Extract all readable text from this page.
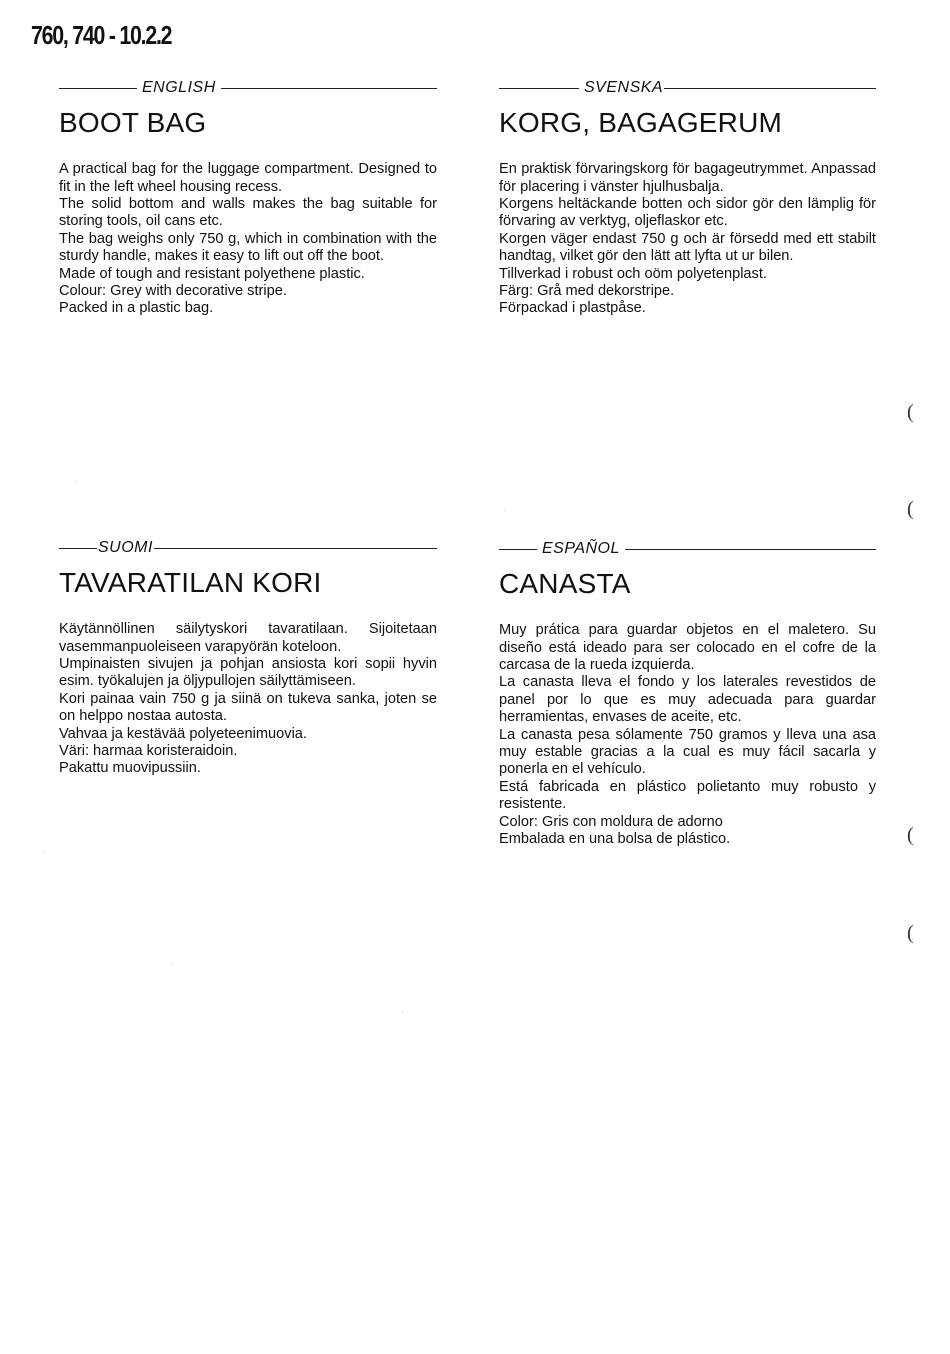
760, 740 - 10.2.2
ENGLISH
BOOT BAG

A practical bag for the luggage compartment. Designed to fit in the left wheel housing recess.

The solid bottom and walls makes the bag suitable for storing tools, oil cans etc.

The bag weighs only 750 g, which in combination with the sturdy handle, makes it easy to lift out off the boot.

Made of tough and resistant polyethene plastic.

Colour: Grey with decorative stripe.

Packed in a plastic bag.

SVENSKA
KORG, BAGAGERUM

En praktisk förvaringskorg för bagageutrymmet. Anpassad för placering i vänster hjulhusbalja.

Korgens heltäckande botten och sidor gör den lämplig för förvaring av verktyg, oljeflaskor etc.

Korgen väger endast 750 g och är försedd med ett stabilt handtag, vilket gör den lätt att lyfta ut ur bilen.

Tillverkad i robust och oöm polyetenplast.

Färg: Grå med dekorstripe.

Förpackad i plastpåse.

SUOMI
TAVARATILAN KORI

Käytännöllinen säilytyskori tavaratilaan. Sijoitetaan vasemmanpuoleiseen varapyörän koteloon.

Umpinaisten sivujen ja pohjan ansiosta kori sopii hyvin esim. työkalujen ja öljypullojen säilyttämiseen.

Kori painaa vain 750 g ja siinä on tukeva sanka, joten se on helppo nostaa autosta.

Vahvaa ja kestävää polyeteenimuovia.

Väri: harmaa koristeraidoin.

Pakattu muovipussiin.

ESPAÑOL
CANASTA

Muy prática para guardar objetos en el maletero. Su diseño está ideado para ser colocado en el cofre de la carcasa de la rueda izquierda.

La canasta lleva el fondo y los laterales revestidos de panel por lo que es muy adecuada para guardar herramientas, envases de aceite, etc.

La canasta pesa sólamente 750 gramos y lleva una asa muy estable gracias a la cual es muy fácil sacarla y ponerla en el vehículo.

Está fabricada en plástico polietanto muy robusto y resistente.

Color: Gris con moldura de adorno

Embalada en una bolsa de plástico.

(
(
(
(
